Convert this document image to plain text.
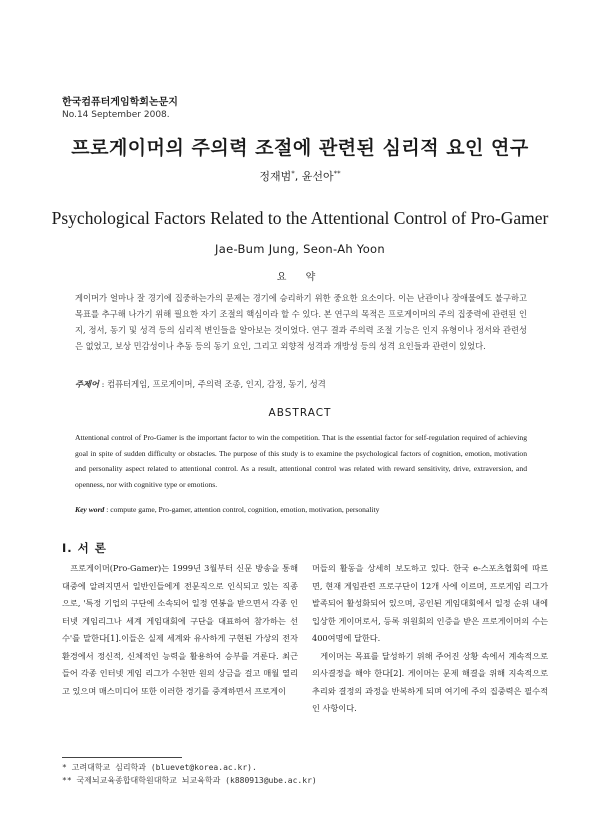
한국컴퓨터게임학회논문지
No.14 September 2008.
프로게이머의 주의력 조절에 관련된 심리적 요인 연구
정재범*, 윤선아**
Psychological Factors Related to the Attentional Control of Pro-Gamer
Jae-Bum Jung, Seon-Ah Yoon
요 약
게이머가 얼마나 잘 경기에 집중하는가의 문제는 경기에 승리하기 위한 중요한 요소이다. 이는 난관이나 장애물에도 불구하고 목표를 추구해 나가기 위해 필요한 자기 조절의 핵심이라 할 수 있다. 본 연구의 목적은 프로게이머의 주의 집중력에 관련된 인지, 정서, 동기 및 성격 등의 심리적 변인들을 알아보는 것이었다. 연구 결과 주의력 조절 기능은 인지 유형이나 정서와 관련성은 없었고, 보상 민감성이나 추동 등의 동기 요인, 그리고 외향적 성격과 개방성 등의 성격 요인들과 관련이 있었다.
주제어 : 컴퓨터게임, 프로게이머, 주의력 조종, 인지, 감정, 동기, 성격
ABSTRACT
Attentional control of Pro-Gamer is the important factor to win the competition. That is the essential factor for self-regulation required of achieving goal in spite of sudden difficulty or obstacles. The purpose of this study is to examine the psychological factors of cognition, emotion, motivation and personality aspect related to attentional control. As a result, attentional control was related with reward sensitivity, drive, extraversion, and openness, nor with cognitive type or emotions.
Key word : compute game, Pro-gamer, attention control, cognition, emotion, motivation, personality
Ⅰ. 서 론

프로게이머(Pro-Gamer)는 1999년 3월부터 신문 방송을 통해 대중에 알려지면서 일반인들에게 전문직으로 인식되고 있는 직종으로, '특정 기업의 구단에 소속되어 일정 연봉을 받으면서 각종 인터넷 게임리그나 세계 게임대회에 구단을 대표하여 참가하는 선수'를 말한다[1].이들은 실제 세계와 유사하게 구현된 가상의 전자 환경에서 정신적, 신체적인 능력을 활용하여 승부를 겨룬다. 최근 들어 각종 인터넷 게임 리그가 수천만 원의 상금을 걸고 매월 열리고 있으며 매스미디어 또한 이러한 경기를 중계하면서 프로게이

머들의 활동을 상세히 보도하고 있다. 한국 e-스포츠협회에 따르면, 현재 게임관련 프로구단이 12개 사에 이르며, 프로게임 리그가 발족되어 활성화되어 있으며, 공인된 게임대회에서 일정 순위 내에 입상한 게이머로서, 등록 위원회의 인증을 받은 프로게이머의 수는 400여명에 달한다.

게이머는 목표를 달성하기 위해 주어진 상황 속에서 계속적으로 의사결정을 해야 한다[2]. 게이머는 문제 해결을 위해 지속적으로 추리와 결정의 과정을 반복하게 되며 여기에 주의 집중력은 필수적인 사항이다.

* 고려대학교 심리학과 (bluevet@korea.ac.kr).
** 국제뇌교육종합대학원대학교 뇌교육학과 (k880913@ube.ac.kr)
